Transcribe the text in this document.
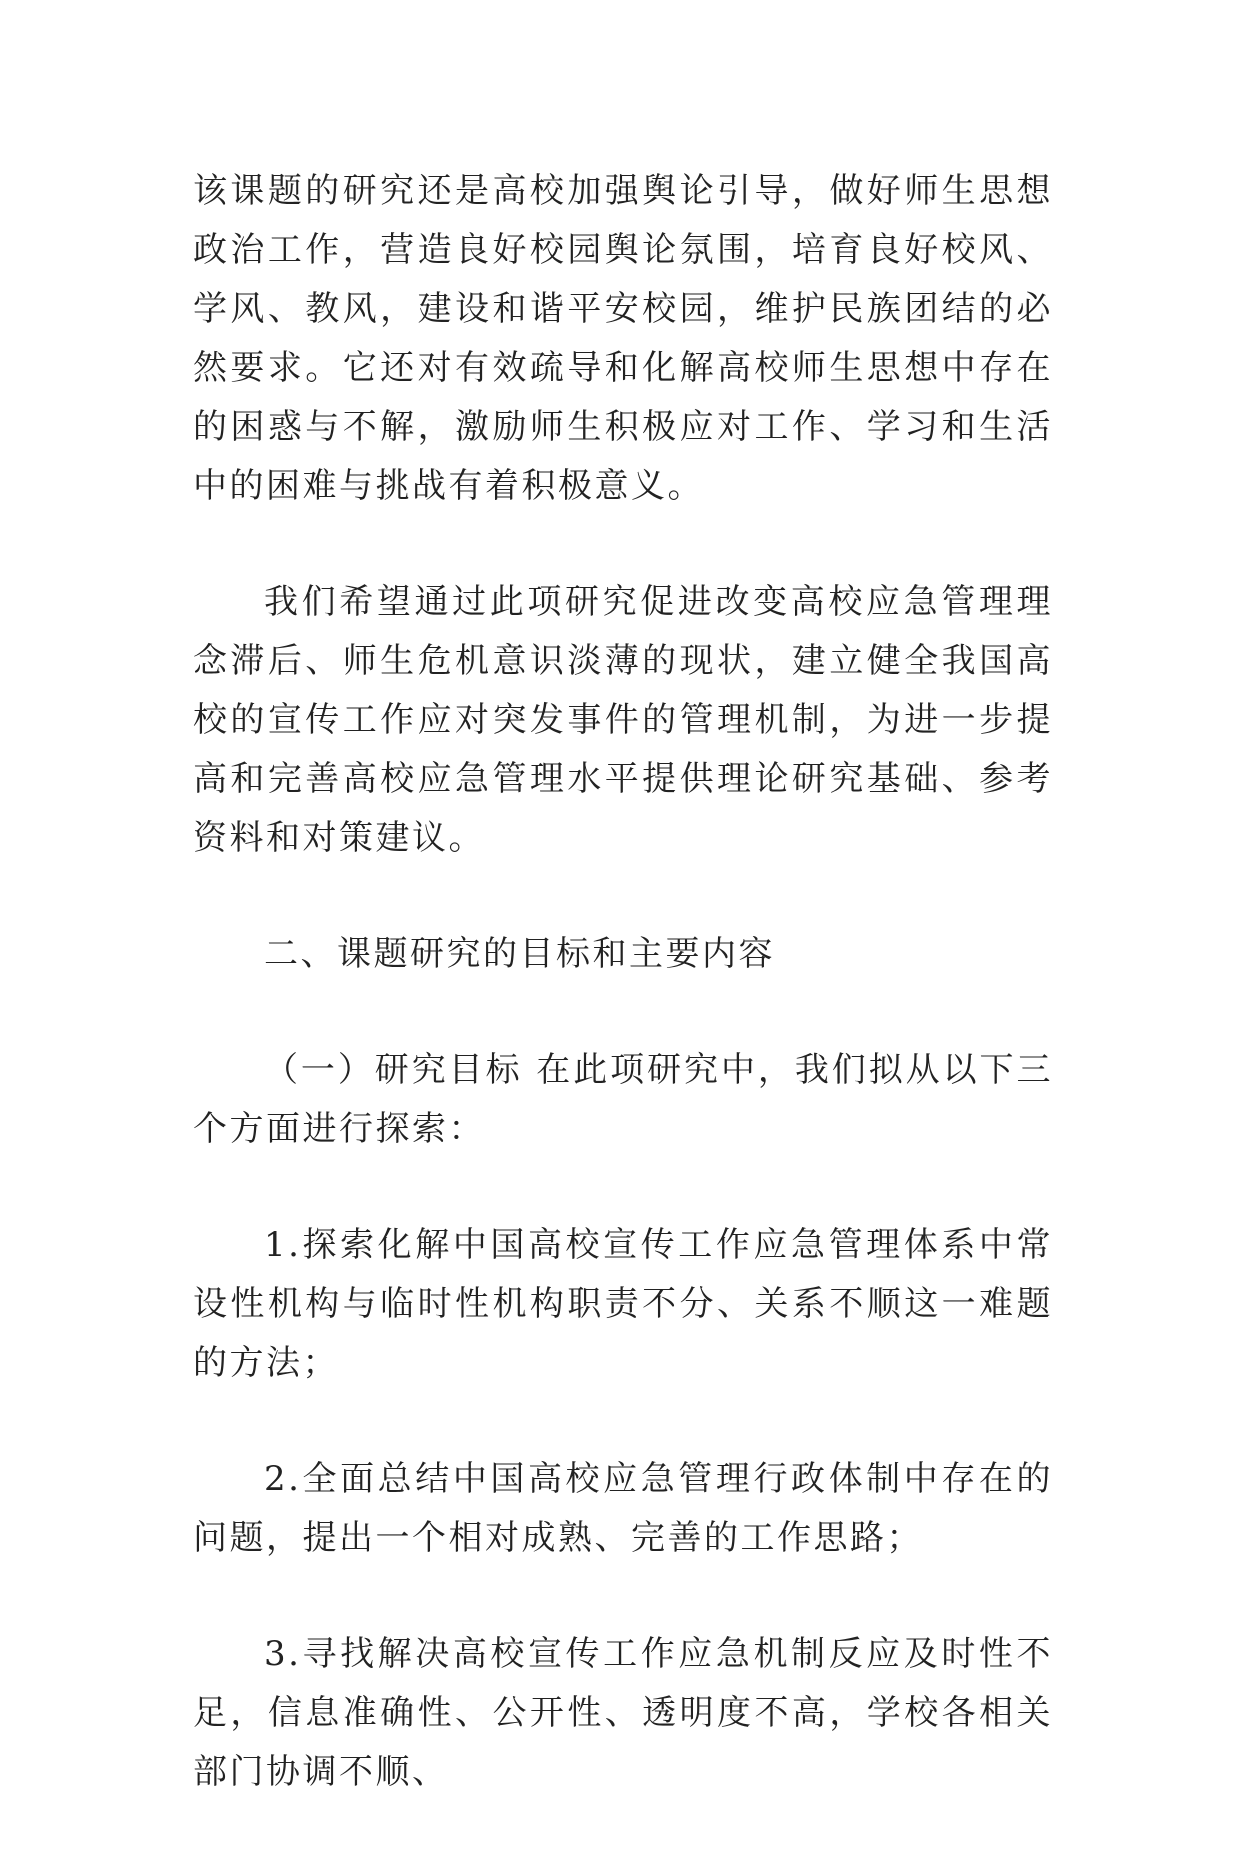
该课题的研究还是高校加强舆论引导，做好师生思想政治工作，营造良好校园舆论氛围，培育良好校风、学风、教风，建设和谐平安校园，维护民族团结的必然要求。它还对有效疏导和化解高校师生思想中存在的困惑与不解，激励师生积极应对工作、学习和生活中的困难与挑战有着积极意义。

我们希望通过此项研究促进改变高校应急管理理念滞后、师生危机意识淡薄的现状，建立健全我国高校的宣传工作应对突发事件的管理机制，为进一步提高和完善高校应急管理水平提供理论研究基础、参考资料和对策建议。

二、课题研究的目标和主要内容

（一）研究目标 在此项研究中，我们拟从以下三个方面进行探索：

1.探索化解中国高校宣传工作应急管理体系中常设性机构与临时性机构职责不分、关系不顺这一难题的方法；

2.全面总结中国高校应急管理行政体制中存在的问题，提出一个相对成熟、完善的工作思路；

3.寻找解决高校宣传工作应急机制反应及时性不足，信息准确性、公开性、透明度不高，学校各相关部门协调不顺、
